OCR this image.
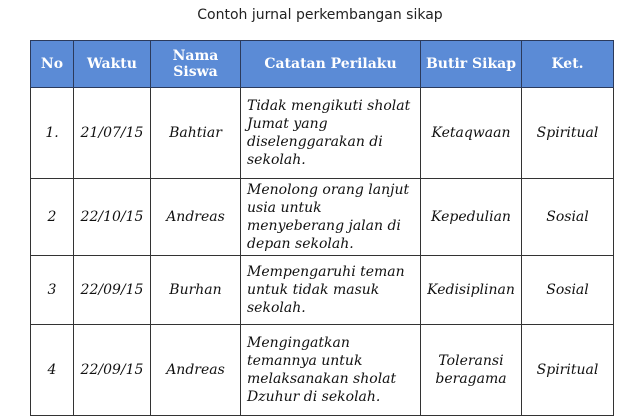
Contoh jurnal perkembangan sikap
No	Waktu	Nama Siswa	Catatan Perilaku	Butir Sikap	Ket.
1.	21/07/15	Bahtiar	Tidak mengikuti sholat Jumat yang diselenggarakan di sekolah.	Ketaqwaan	Spiritual
2	22/10/15	Andreas	Menolong orang lanjut usia untuk menyeberang jalan di depan sekolah.	Kepedulian	Sosial
3	22/09/15	Burhan	Mempengaruhi teman untuk tidak masuk sekolah.	Kedisiplinan	Sosial
4	22/09/15	Andreas	Mengingatkan temannya untuk melaksanakan sholat Dzuhur di sekolah.	Toleransi beragama	Spiritual
